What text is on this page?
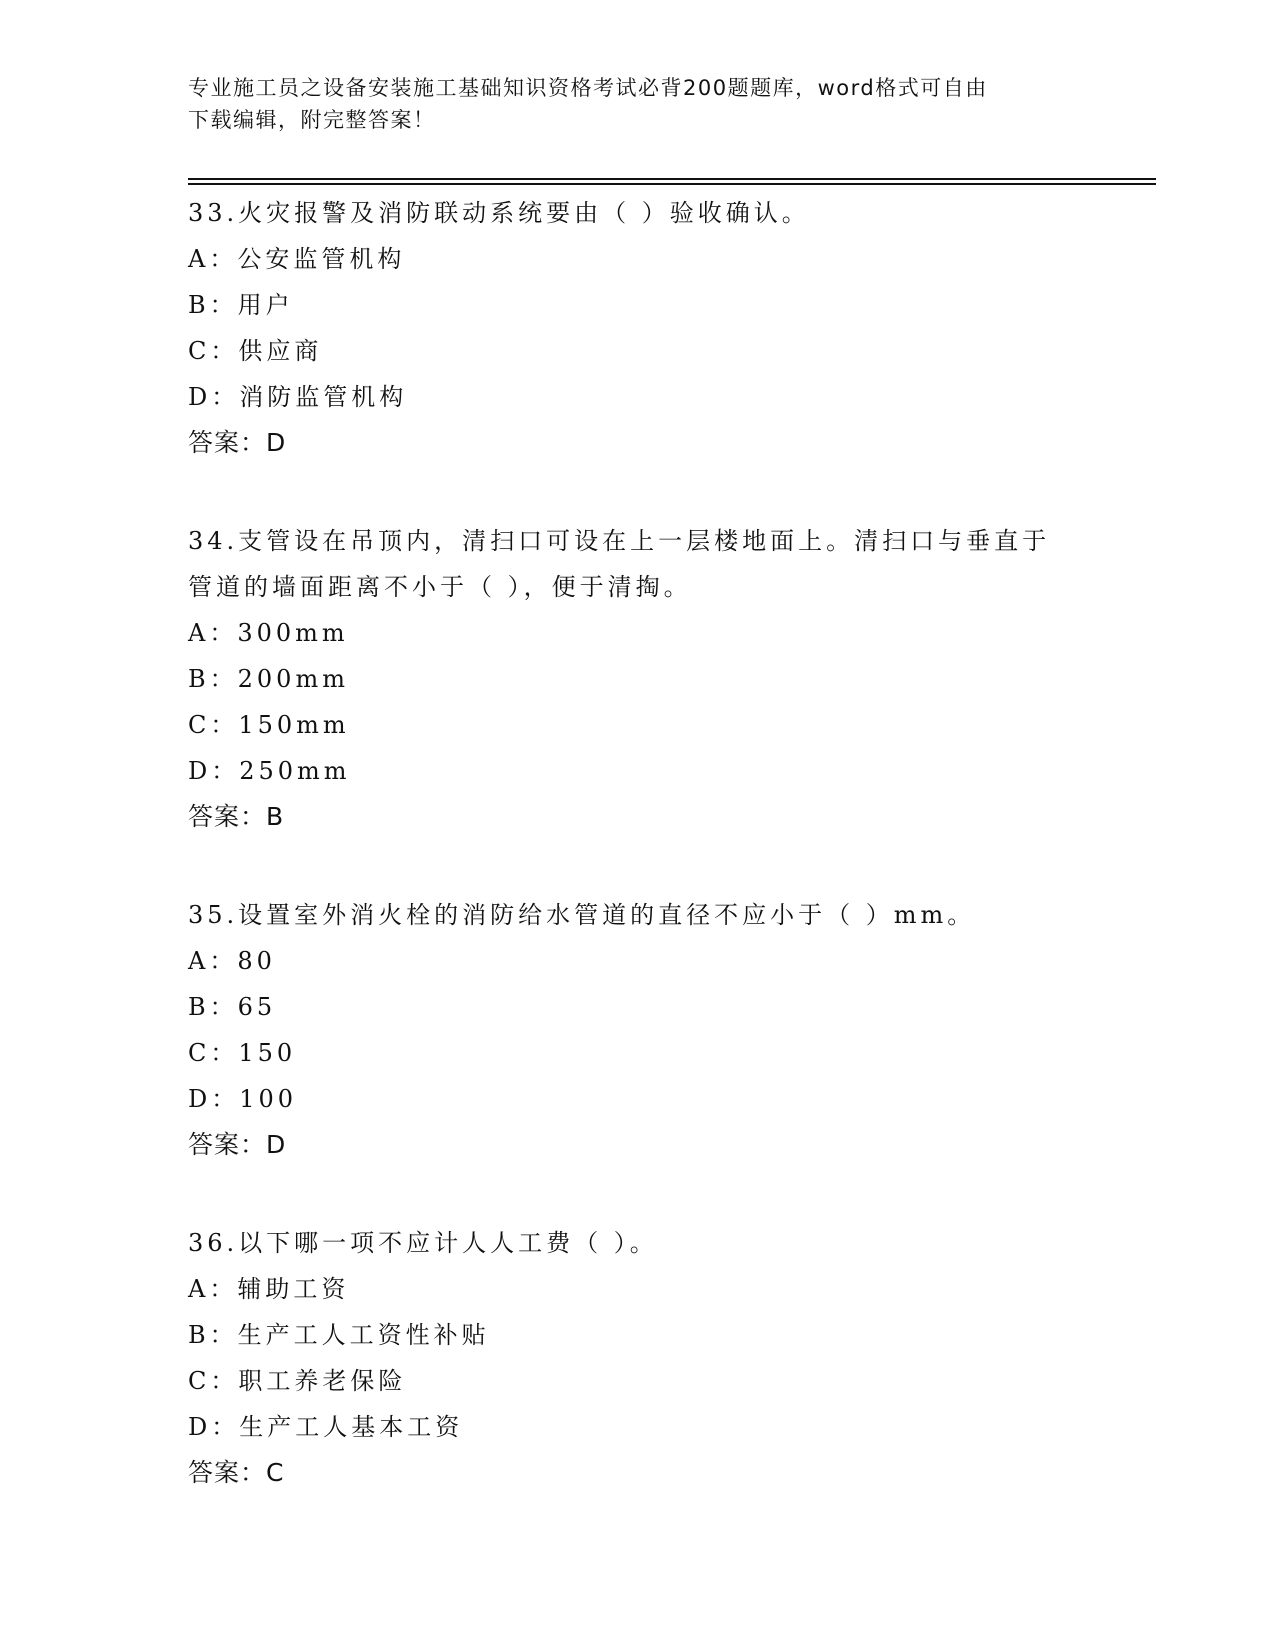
专业施工员之设备安装施工基础知识资格考试必背200题题库，word格式可自由
下载编辑，附完整答案！
33.火灾报警及消防联动系统要由（ ）验收确认。
A：公安监管机构
B：用户
C：供应商
D：消防监管机构
答案：D
34.支管设在吊顶内，清扫口可设在上一层楼地面上。清扫口与垂直于
管道的墙面距离不小于（ ），便于清掏。
A：300mm
B：200mm
C：150mm
D：250mm
答案：B
35.设置室外消火栓的消防给水管道的直径不应小于（ ）mm。
A：80
B：65
C：150
D：100
答案：D
36.以下哪一项不应计人人工费（ ）。
A：辅助工资
B：生产工人工资性补贴
C：职工养老保险
D：生产工人基本工资
答案：C
